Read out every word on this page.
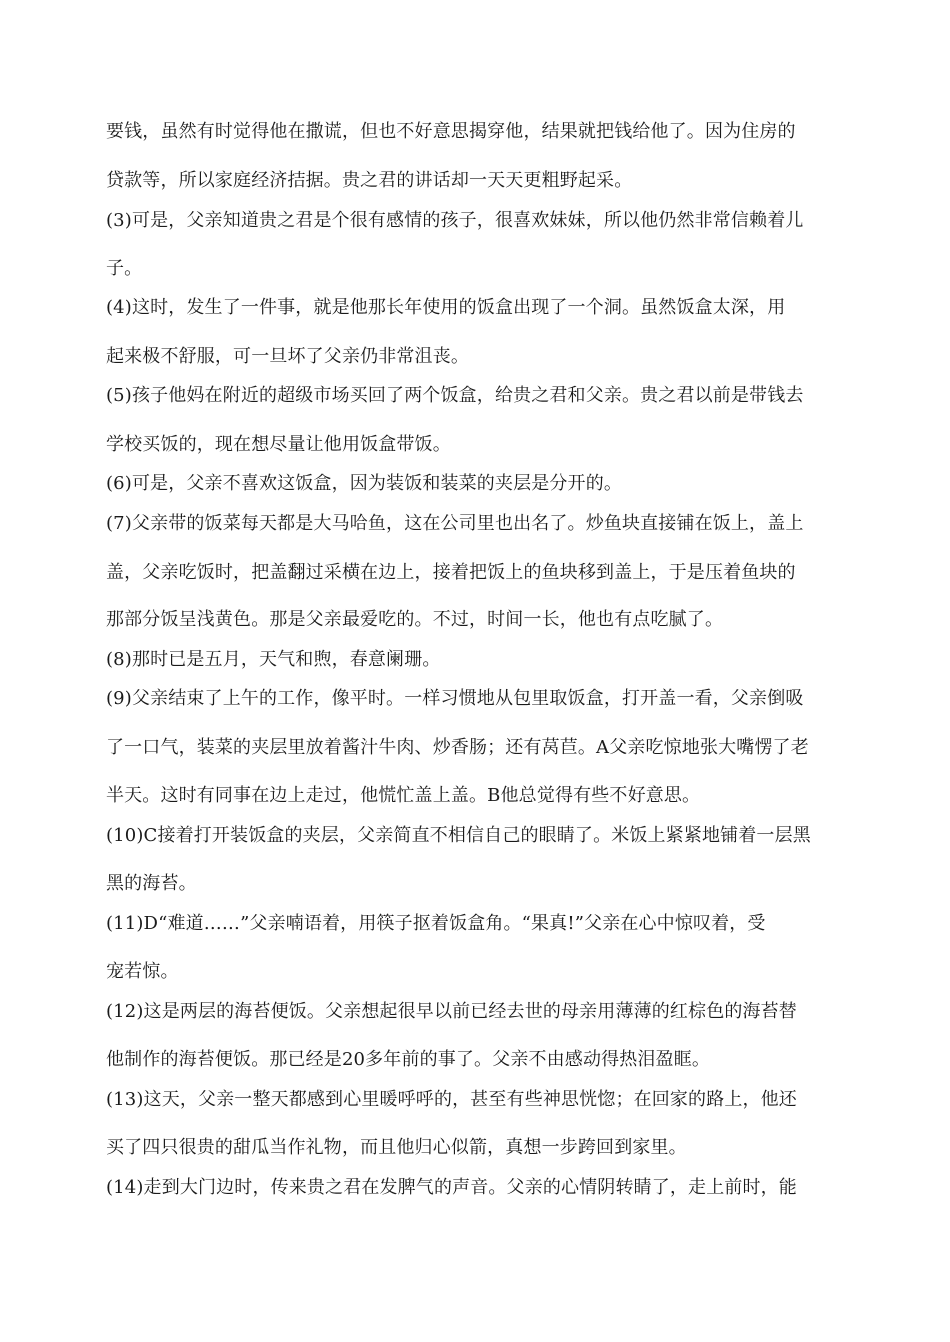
要钱，虽然有时觉得他在撒谎，但也不好意思揭穿他，结果就把钱给他了。因为住房的
贷款等，所以家庭经济拮据。贵之君的讲话却一天天更粗野起采。
(3)可是，父亲知道贵之君是个很有感情的孩子，很喜欢妹妹，所以他仍然非常信赖着儿
子。
(4)这时，发生了一件事，就是他那长年使用的饭盒出现了一个洞。虽然饭盒太深，用
起来极不舒服，可一旦坏了父亲仍非常沮丧。
(5)孩子他妈在附近的超级市场买回了两个饭盒，给贵之君和父亲。贵之君以前是带钱去
学校买饭的，现在想尽量让他用饭盒带饭。
(6)可是，父亲不喜欢这饭盒，因为装饭和装菜的夹层是分开的。
(7)父亲带的饭菜每天都是大马哈鱼，这在公司里也出名了。炒鱼块直接铺在饭上，盖上
盖，父亲吃饭时，把盖翻过采横在边上，接着把饭上的鱼块移到盖上，于是压着鱼块的
那部分饭呈浅黄色。那是父亲最爱吃的。不过，时间一长，他也有点吃腻了。
(8)那时已是五月，天气和煦，春意阑珊。
(9)父亲结束了上午的工作，像平时。一样习惯地从包里取饭盒，打开盖一看，父亲倒吸
了一口气，装菜的夹层里放着酱汁牛肉、炒香肠；还有莴苣。A父亲吃惊地张大嘴愣了老
半天。这时有同事在边上走过，他慌忙盖上盖。B他总觉得有些不好意思。
(10)C接着打开装饭盒的夹层，父亲简直不相信自己的眼睛了。米饭上紧紧地铺着一层黑
黑的海苔。
(11)D“难道……”父亲喃语着，用筷子抠着饭盒角。“果真!”父亲在心中惊叹着，受
宠若惊。
(12)这是两层的海苔便饭。父亲想起很早以前已经去世的母亲用薄薄的红棕色的海苔替
他制作的海苔便饭。那已经是20多年前的事了。父亲不由感动得热泪盈眶。
(13)这天，父亲一整天都感到心里暖呼呼的，甚至有些神思恍惚；在回家的路上，他还
买了四只很贵的甜瓜当作礼物，而且他归心似箭，真想一步跨回到家里。
(14)走到大门边时，传来贵之君在发脾气的声音。父亲的心情阴转睛了，走上前时，能
